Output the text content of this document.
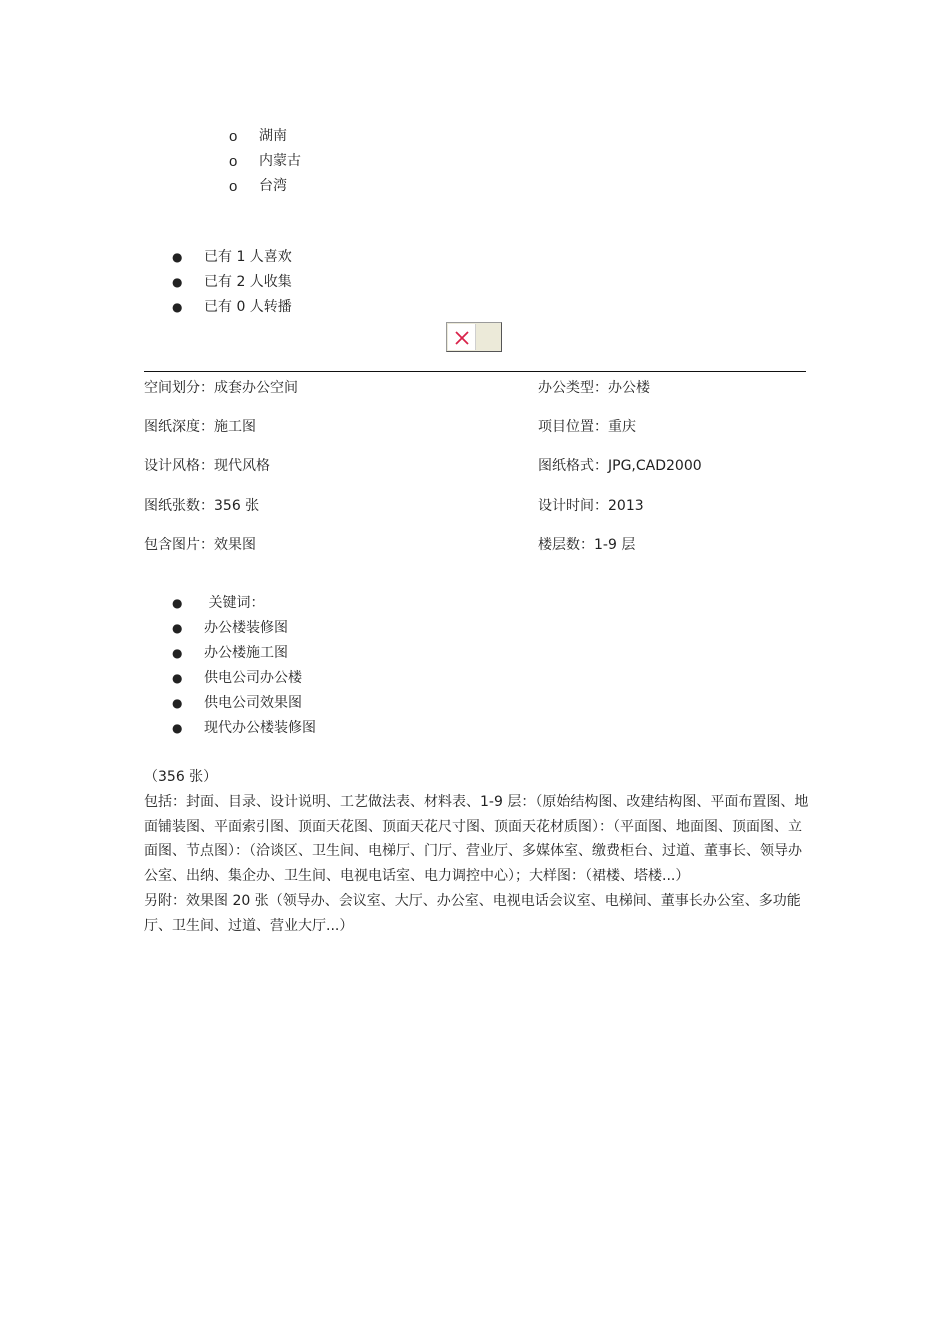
o	湖南
o	内蒙古
o	台湾
●	已有 1 人喜欢
●	已有 2 人收集
●	已有 0 人转播
空间划分：成套办公空间	办公类型：办公楼
图纸深度：施工图	项目位置：重庆
设计风格：现代风格	图纸格式：JPG,CAD2000
图纸张数：356 张	设计时间：2013
包含图片：效果图	楼层数：1-9 层
●	关键词：
●	办公楼装修图
●	办公楼施工图
●	供电公司办公楼
●	供电公司效果图
●	现代办公楼装修图

（356 张）

包括：封面、目录、设计说明、工艺做法表、材料表、1-9 层：（原始结构图、改建结构图、平面布置图、地面铺装图、平面索引图、顶面天花图、顶面天花尺寸图、顶面天花材质图）：（平面图、地面图、顶面图、立面图、节点图）：（洽谈区、卫生间、电梯厅、门厅、营业厅、多媒体室、缴费柜台、过道、董事长、领导办公室、出纳、集企办、卫生间、电视电话室、电力调控中心）；大样图：（裙楼、塔楼...）

另附：效果图 20 张（领导办、会议室、大厅、办公室、电视电话会议室、电梯间、董事长办公室、多功能厅、卫生间、过道、营业大厅...）
